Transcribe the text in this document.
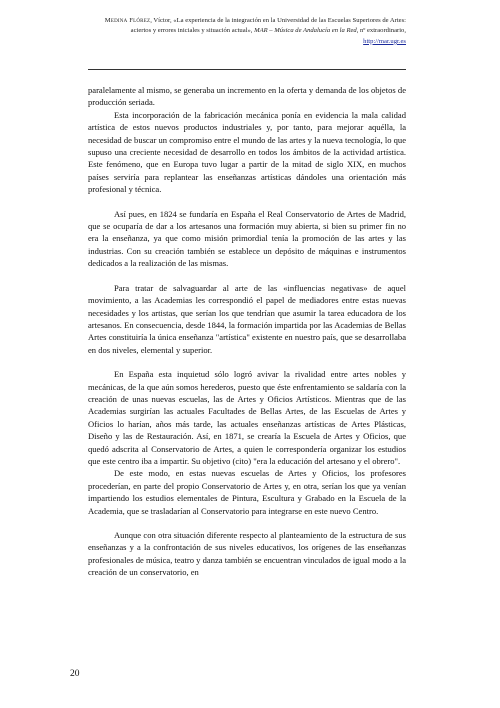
Medina Flórez, Víctor, «La experiencia de la integración en la Universidad de las Escuelas Superiores de Artes: aciertos y errores iniciales y situación actual», MAR – Música de Andalucía en la Red, nº extraordinario, http://mar.ugr.es

paralelamente al mismo, se generaba un incremento en la oferta y demanda de los objetos de producción seriada.

Esta incorporación de la fabricación mecánica ponía en evidencia la mala calidad artística de estos nuevos productos industriales y, por tanto, para mejorar aquélla, la necesidad de buscar un compromiso entre el mundo de las artes y la nueva tecnología, lo que supuso una creciente necesidad de desarrollo en todos los ámbitos de la actividad artística. Este fenómeno, que en Europa tuvo lugar a partir de la mitad de siglo XIX, en muchos países serviría para replantear las enseñanzas artísticas dándoles una orientación más profesional y técnica.

Así pues, en 1824 se fundaría en España el Real Conservatorio de Artes de Madrid, que se ocuparía de dar a los artesanos una formación muy abierta, si bien su primer fin no era la enseñanza, ya que como misión primordial tenía la promoción de las artes y las industrias. Con su creación también se establece un depósito de máquinas e instrumentos dedicados a la realización de las mismas.

Para tratar de salvaguardar al arte de las «influencias negativas» de aquel movimiento, a las Academias les correspondió el papel de mediadores entre estas nuevas necesidades y los artistas, que serían los que tendrían que asumir la tarea educadora de los artesanos. En consecuencia, desde 1844, la formación impartida por las Academias de Bellas Artes constituiría la única enseñanza "artística" existente en nuestro país, que se desarrollaba en dos niveles, elemental y superior.

En España esta inquietud sólo logró avivar la rivalidad entre artes nobles y mecánicas, de la que aún somos herederos, puesto que éste enfrentamiento se saldaría con la creación de unas nuevas escuelas, las de Artes y Oficios Artísticos. Mientras que de las Academias surgirían las actuales Facultades de Bellas Artes, de las Escuelas de Artes y Oficios lo harían, años más tarde, las actuales enseñanzas artísticas de Artes Plásticas, Diseño y las de Restauración. Así, en 1871, se crearía la Escuela de Artes y Oficios, que quedó adscrita al Conservatorio de Artes, a quien le correspondería organizar los estudios que este centro iba a impartir. Su objetivo (cito) "era la educación del artesano y el obrero".

De este modo, en estas nuevas escuelas de Artes y Oficios, los profesores procederían, en parte del propio Conservatorio de Artes y, en otra, serían los que ya venían impartiendo los estudios elementales de Pintura, Escultura y Grabado en la Escuela de la Academia, que se trasladarían al Conservatorio para integrarse en este nuevo Centro.

Aunque con otra situación diferente respecto al planteamiento de la estructura de sus enseñanzas y a la confrontación de sus niveles educativos, los orígenes de las enseñanzas profesionales de música, teatro y danza también se encuentran vinculados de igual modo a la creación de un conservatorio, en

20
